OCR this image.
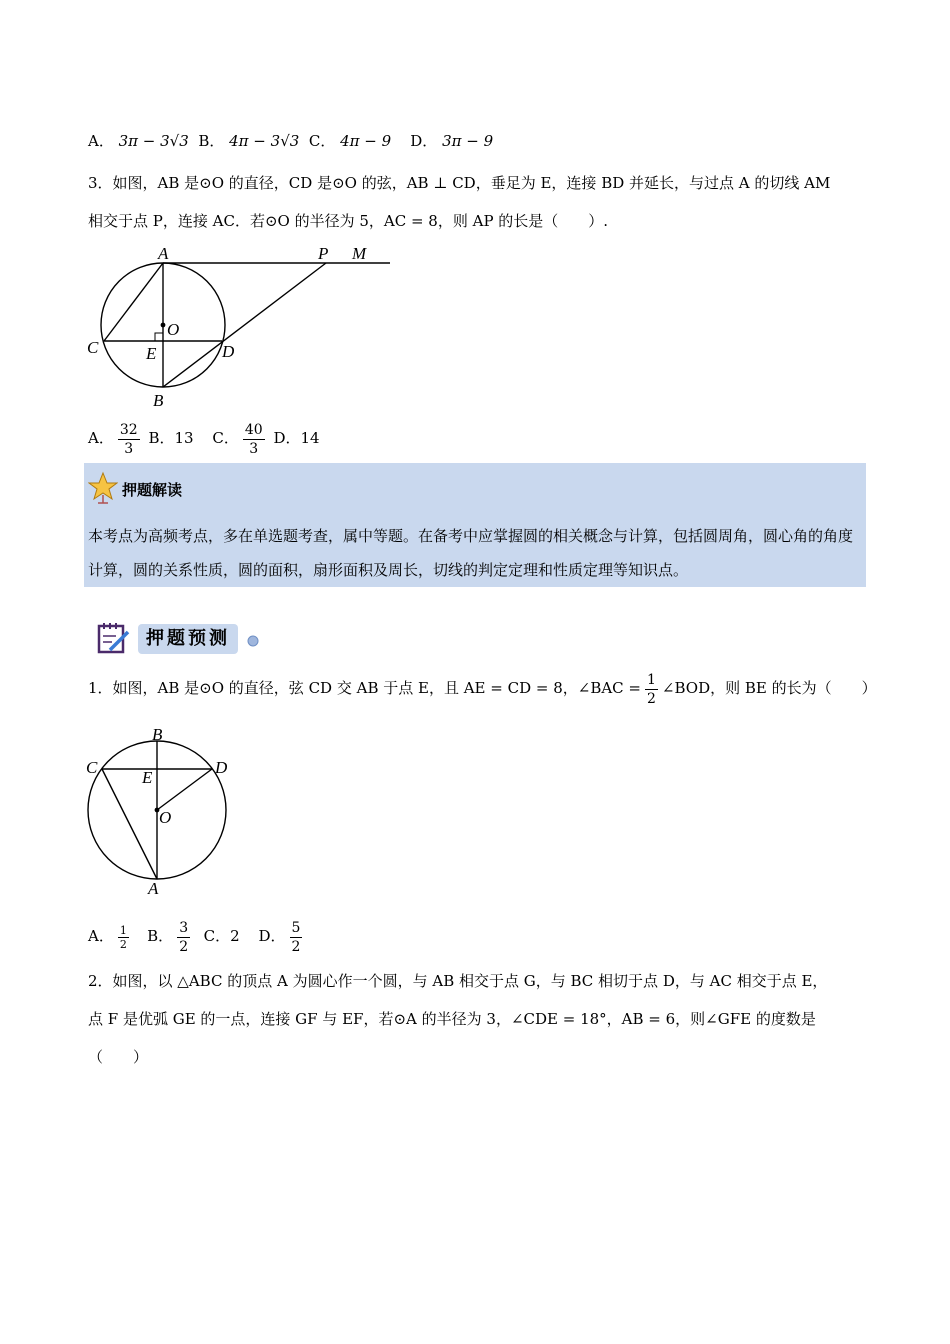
A． 3π − 3√3 B． 4π − 3√3 C． 4π − 9 D． 3π − 9
3．如图，AB 是⊙O 的直径，CD 是⊙O 的弦，AB ⊥ CD，垂足为 E，连接 BD 并延长，与过点 A 的切线 AM
相交于点 P，连接 AC．若⊙O 的半径为 5，AC = 8，则 AP 的长是（　　）.
A	P M
O
C	E	D
B
A． $\frac{32}{3}$ B．13 C． $\frac{40}{3}$ D．14
押题解读
本考点为高频考点，多在单选题考查，属中等题。在备考中应掌握圆的相关概念与计算，包括圆周角，圆心角的角度计算，圆的关系性质，圆的面积，扇形面积及周长，切线的判定定理和性质定理等知识点。
押题预测
1．如图，AB 是⊙O 的直径，弦 CD 交 AB 于点 E，且 AE = CD = 8，∠BAC = $\frac{1}{2}$ ∠BOD，则 BE 的长为（　　）
B
C	D
E
O
A
A． $\frac{1}{2}$ B． $\frac{3}{2}$ C．2 D． $\frac{5}{2}$
2．如图，以 △ABC 的顶点 A 为圆心作一个圆，与 AB 相交于点 G，与 BC 相切于点 D，与 AC 相交于点 E，
点 F 是优弧 GE 的一点，连接 GF 与 EF，若⊙A 的半径为 3，∠CDE = 18°，AB = 6，则∠GFE 的度数是
（　　）
